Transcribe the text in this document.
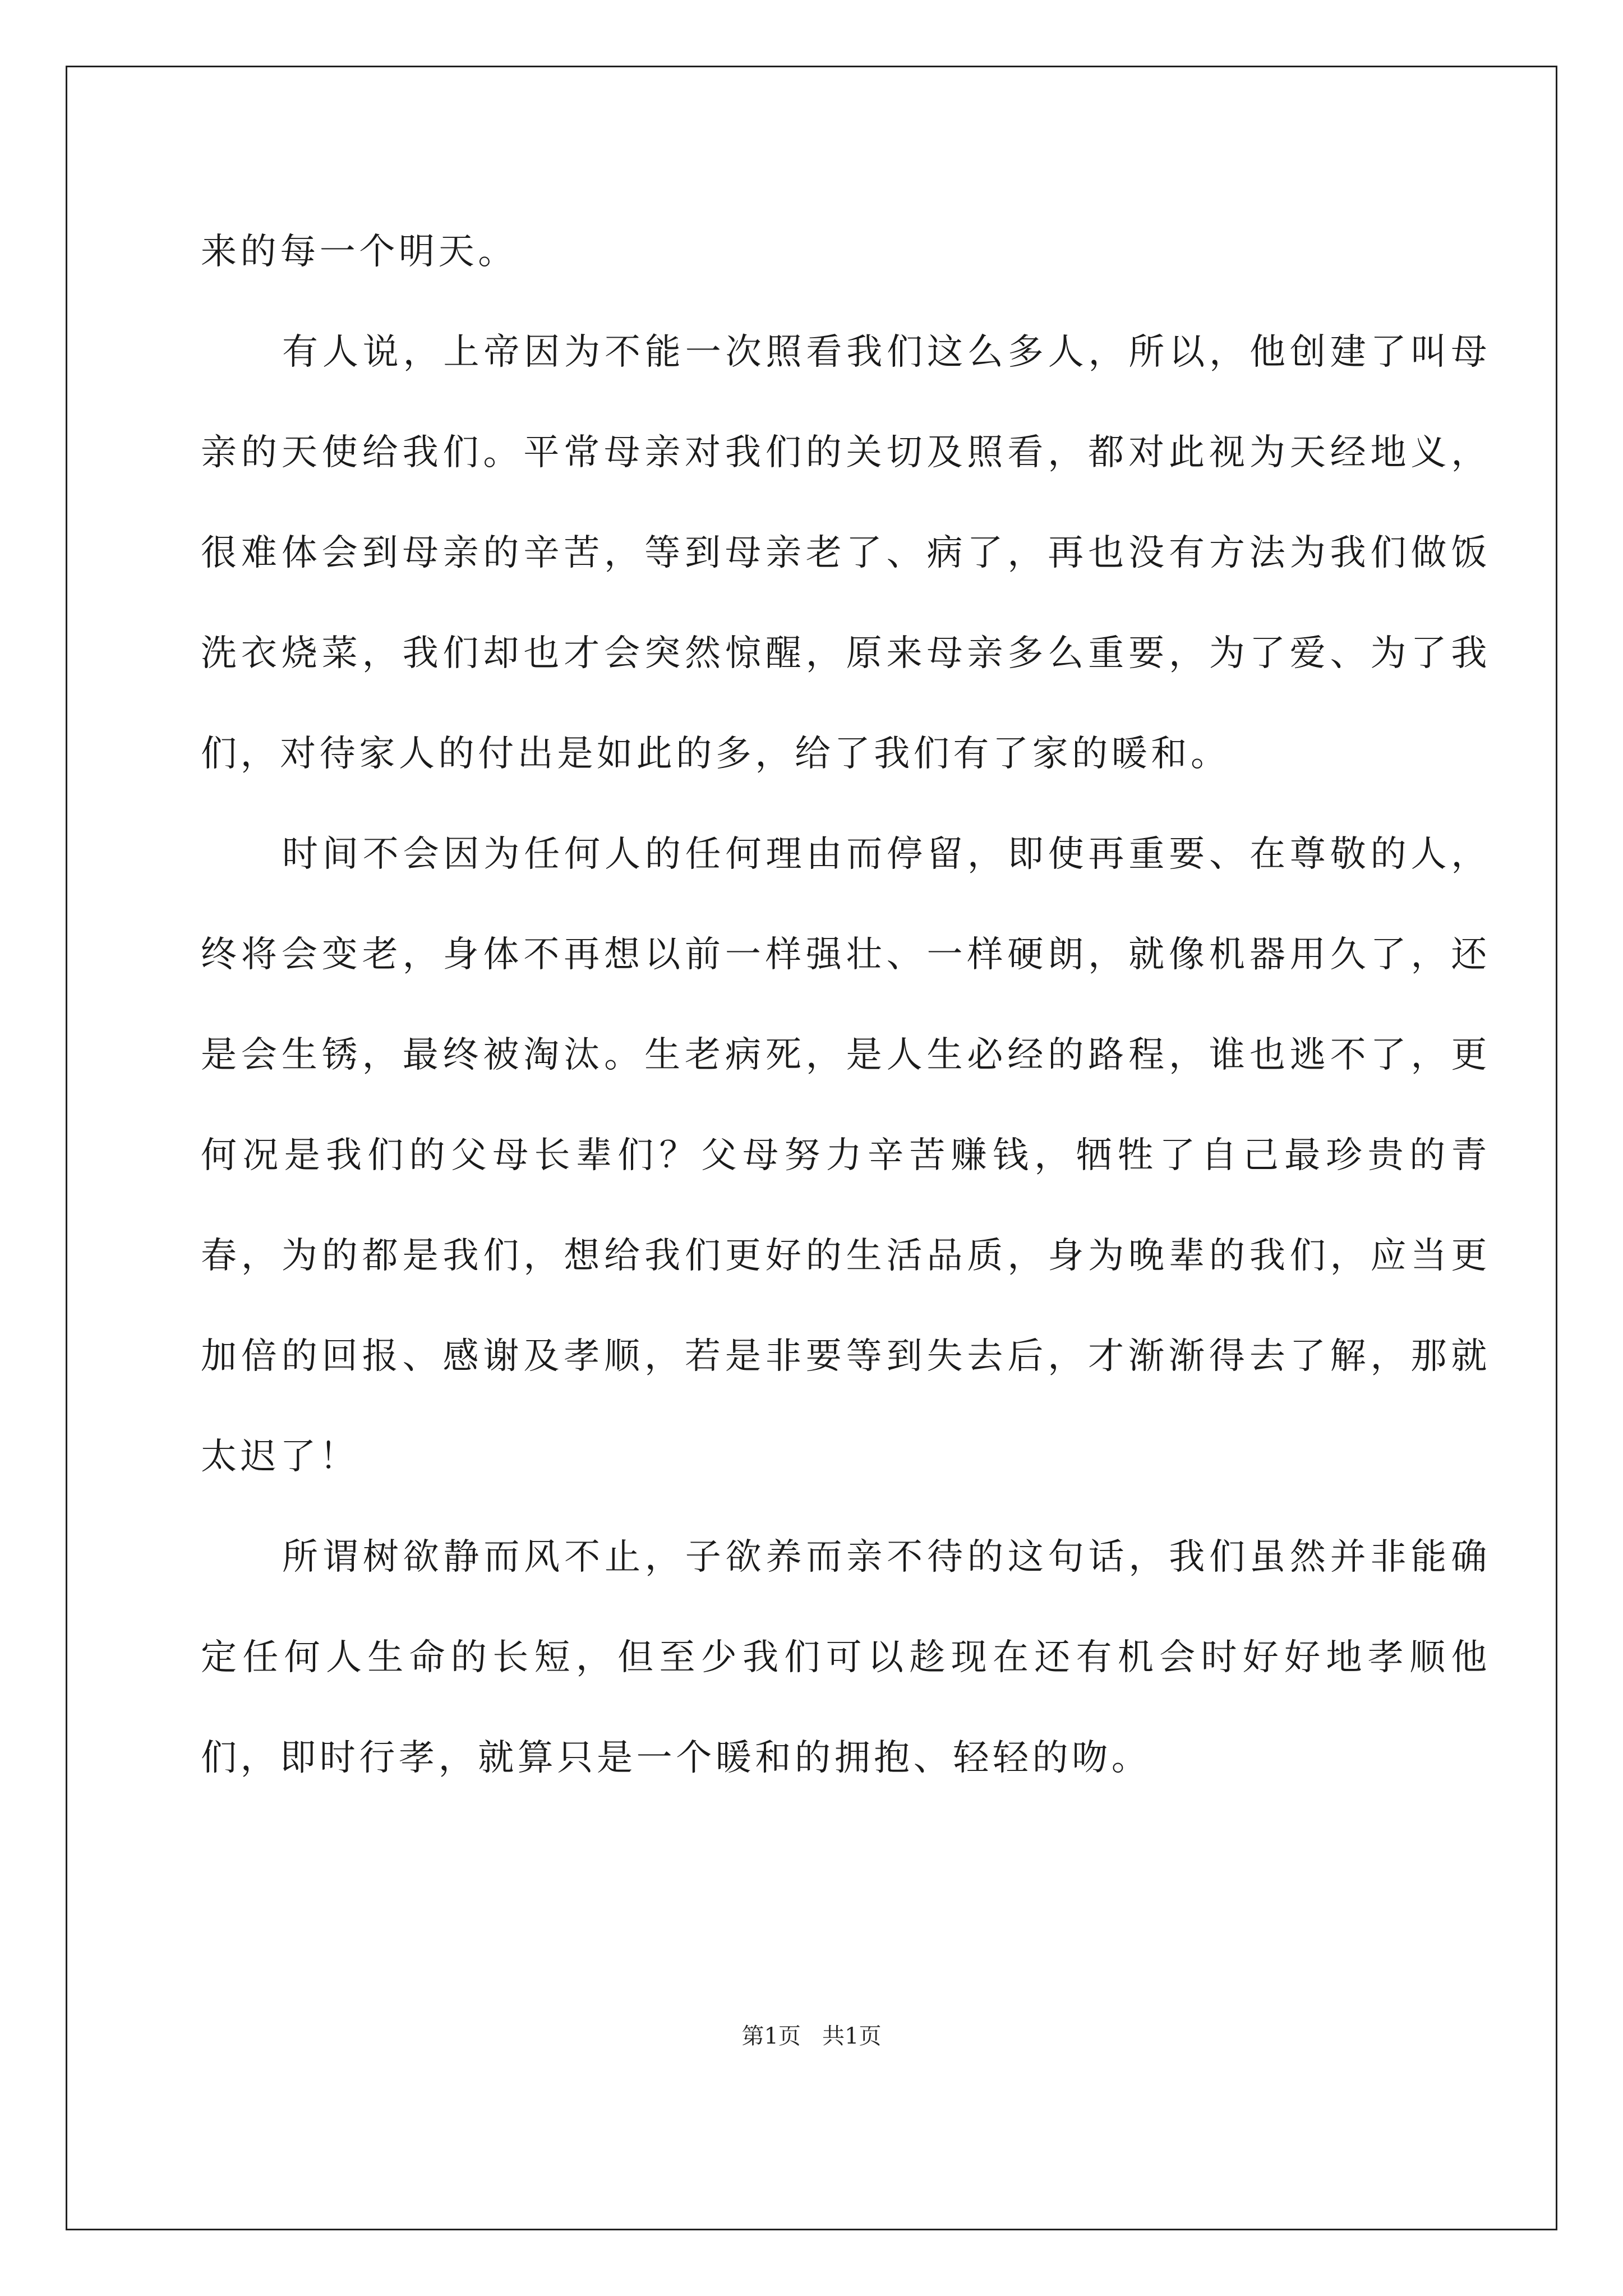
来的每一个明天。

有人说，上帝因为不能一次照看我们这么多人，所以，他创建了叫母亲的天使给我们。平常母亲对我们的关切及照看，都对此视为天经地义，很难体会到母亲的辛苦，等到母亲老了、病了，再也没有方法为我们做饭洗衣烧菜，我们却也才会突然惊醒，原来母亲多么重要，为了爱、为了我们，对待家人的付出是如此的多，给了我们有了家的暖和。

时间不会因为任何人的任何理由而停留，即使再重要、在尊敬的人，终将会变老，身体不再想以前一样强壮、一样硬朗，就像机器用久了，还是会生锈，最终被淘汰。生老病死，是人生必经的路程，谁也逃不了，更何况是我们的父母长辈们？父母努力辛苦赚钱，牺牲了自己最珍贵的青春，为的都是我们，想给我们更好的生活品质，身为晚辈的我们，应当更加倍的回报、感谢及孝顺，若是非要等到失去后，才渐渐得去了解，那就太迟了！

所谓树欲静而风不止，子欲养而亲不待的这句话，我们虽然并非能确定任何人生命的长短，但至少我们可以趁现在还有机会时好好地孝顺他们，即时行孝，就算只是一个暖和的拥抱、轻轻的吻。

第1页   共1页
